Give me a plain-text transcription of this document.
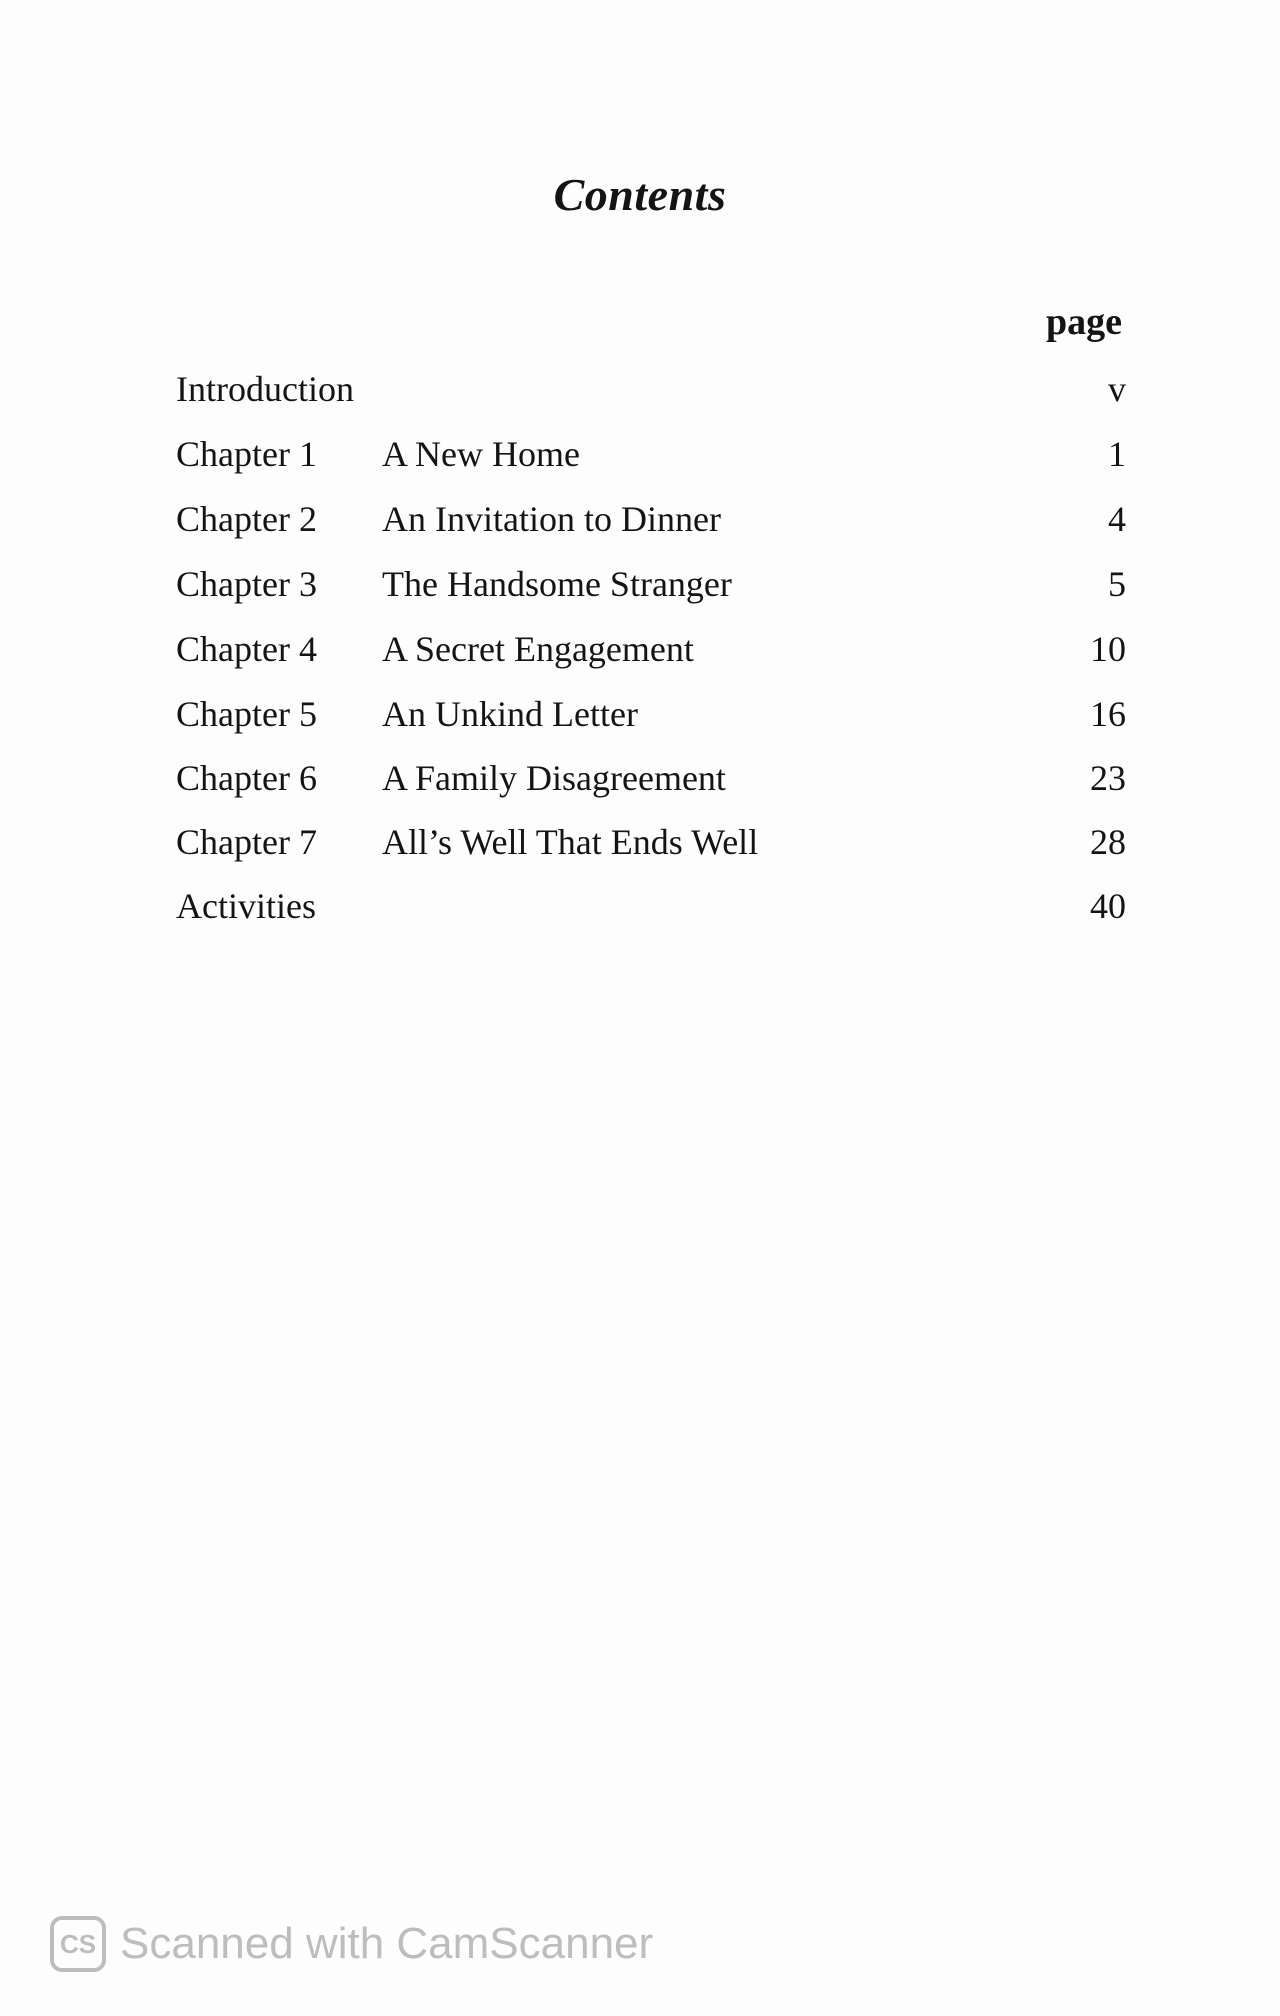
Contents
page
Introduction	v
Chapter 1 A New Home	1
Chapter 2 An Invitation to Dinner	4
Chapter 3 The Handsome Stranger	5
Chapter 4 A Secret Engagement	10
Chapter 5 An Unkind Letter	16
Chapter 6 A Family Disagreement	23
Chapter 7 All’s Well That Ends Well	28
Activities	40
CS Scanned with CamScanner
